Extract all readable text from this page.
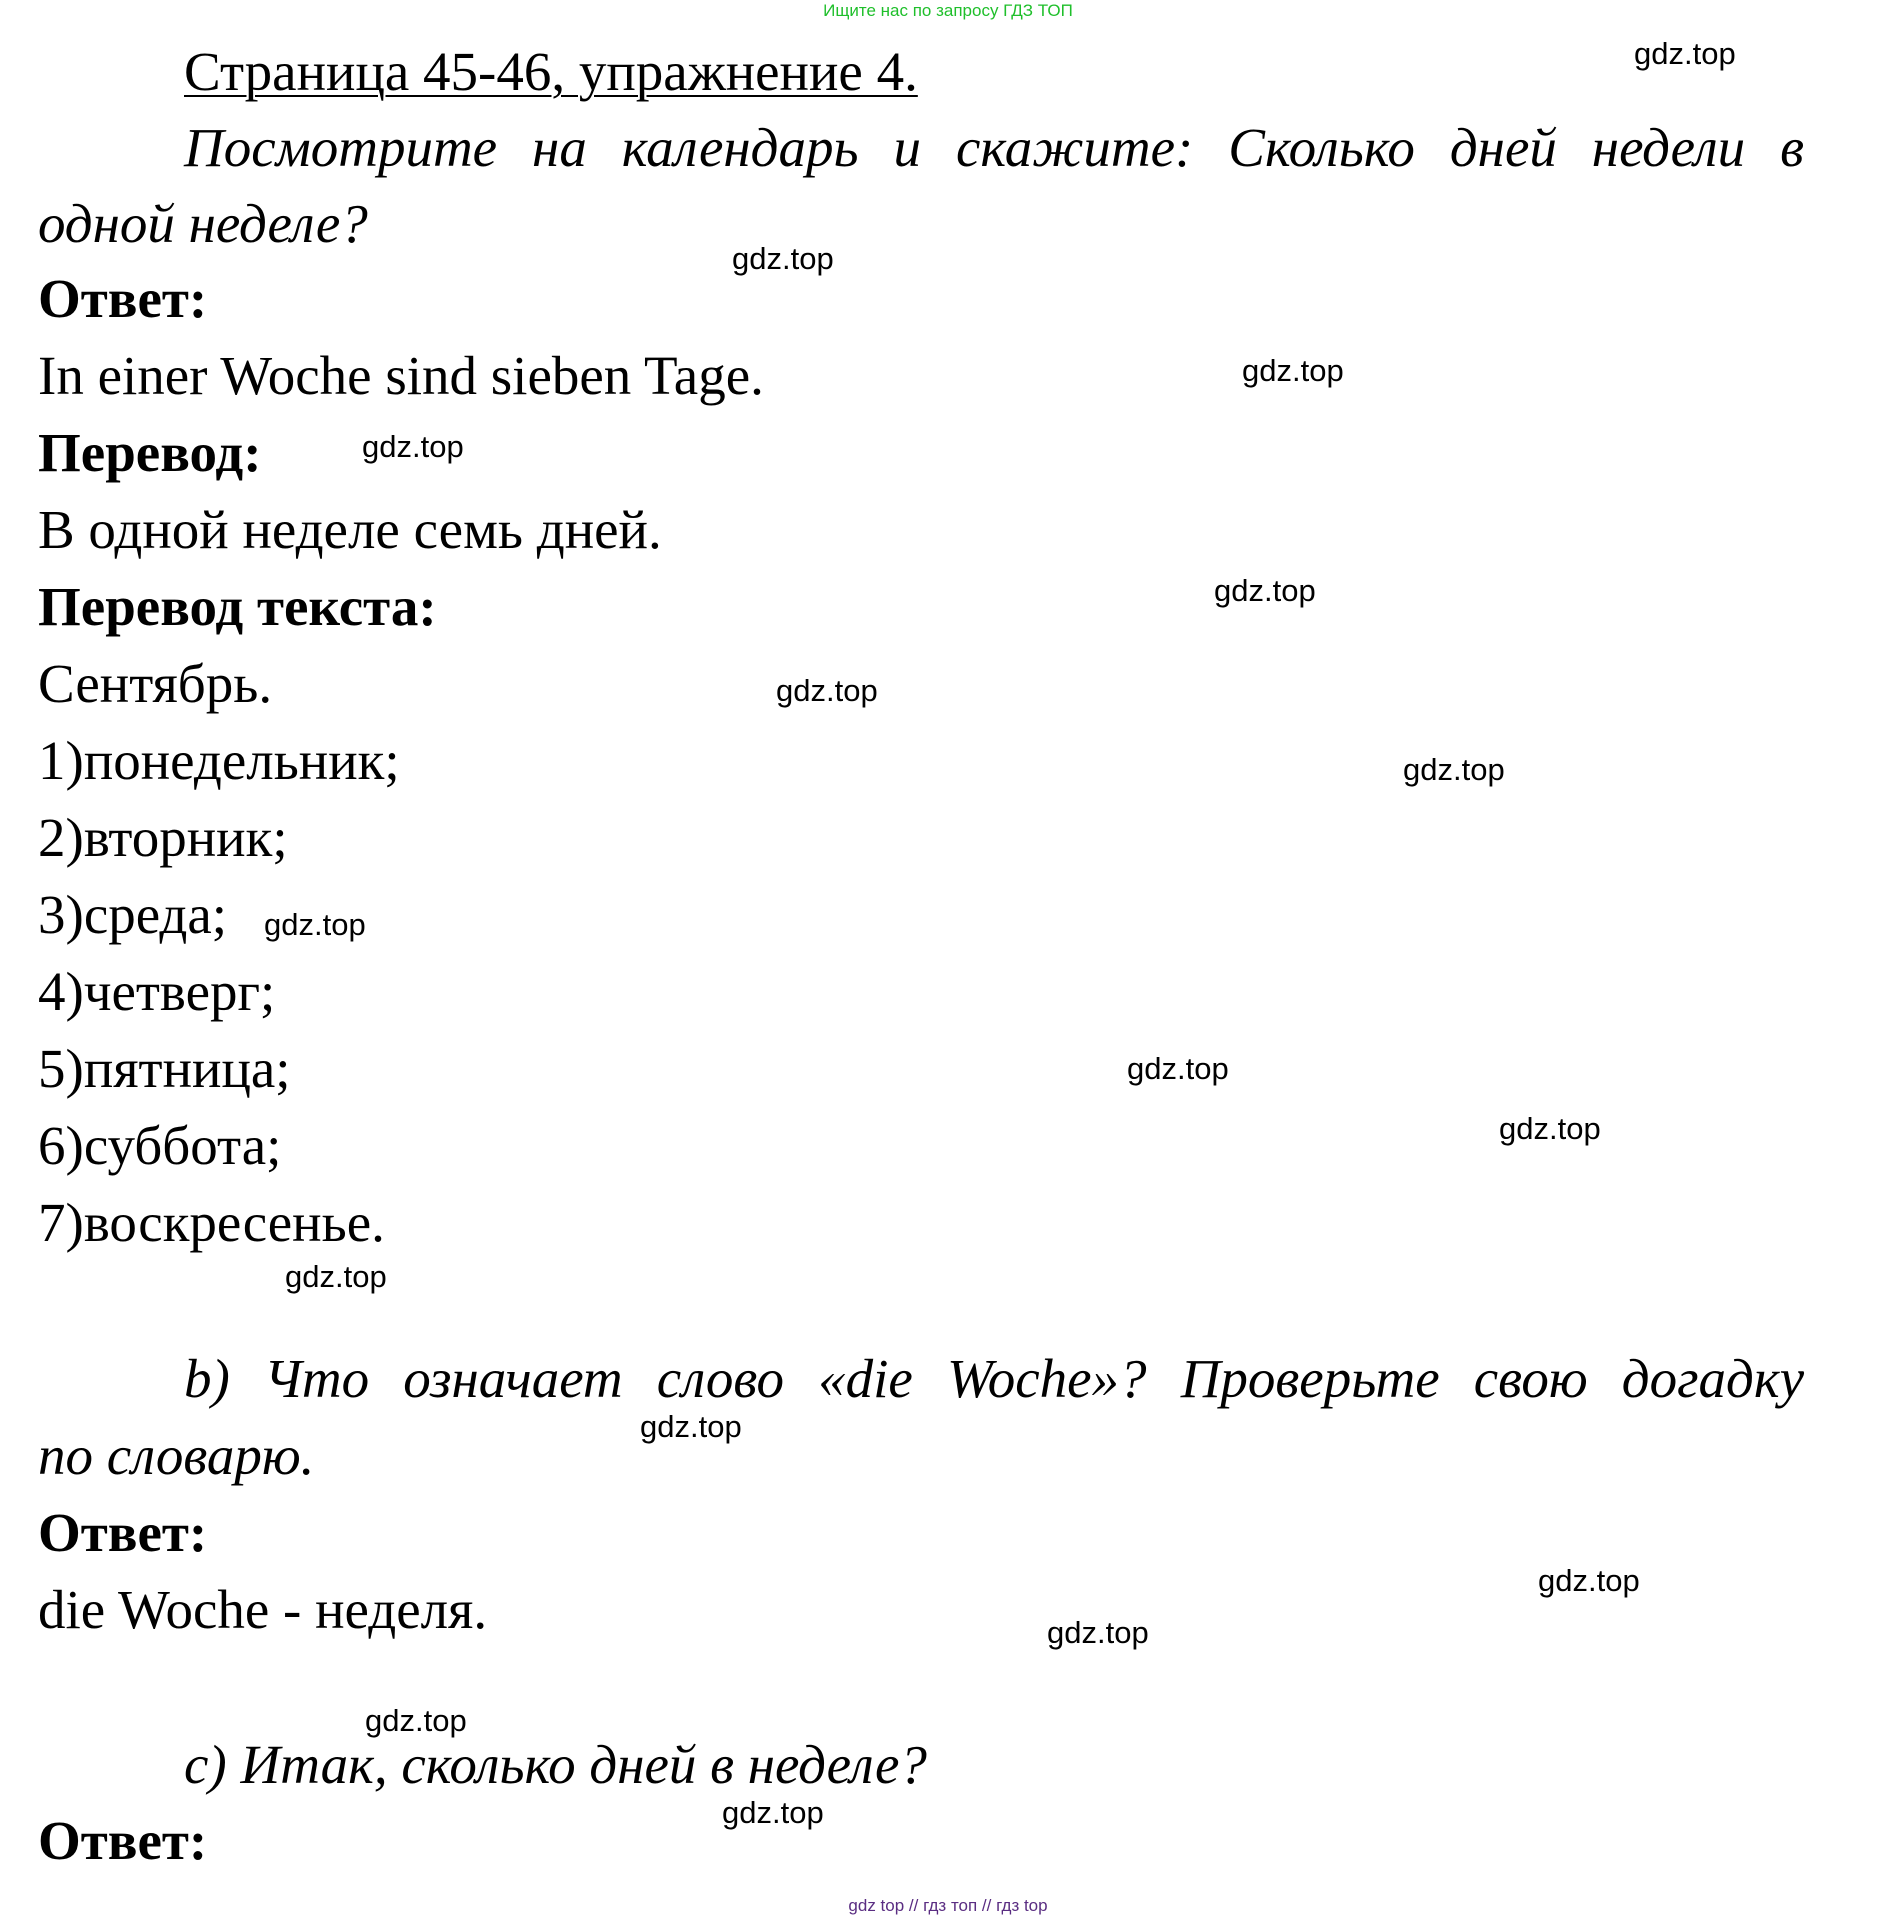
Ищите нас по запросу ГДЗ ТОП
Страница 45-46, упражнение 4.
Посмотрите на календарь и скажите: Сколько дней недели в
одной неделе?
Ответ:
In einer Woche sind sieben Tage.
Перевод:
В одной неделе семь дней.
Перевод текста:
Сентябрь.
1)понедельник;
2)вторник;
3)среда;
4)четверг;
5)пятница;
6)суббота;
7)воскресенье.
b) Что означает слово «die Woche»? Проверьте свою догадку
по словарю.
Ответ:
die Woche - неделя.
c) Итак, сколько дней в неделе?
Ответ:
gdz.top
gdz.top
gdz.top
gdz.top
gdz.top
gdz.top
gdz.top
gdz.top
gdz.top
gdz.top
gdz.top
gdz.top
gdz.top
gdz.top
gdz.top
gdz.top
gdz top // гдз топ // гдз top
